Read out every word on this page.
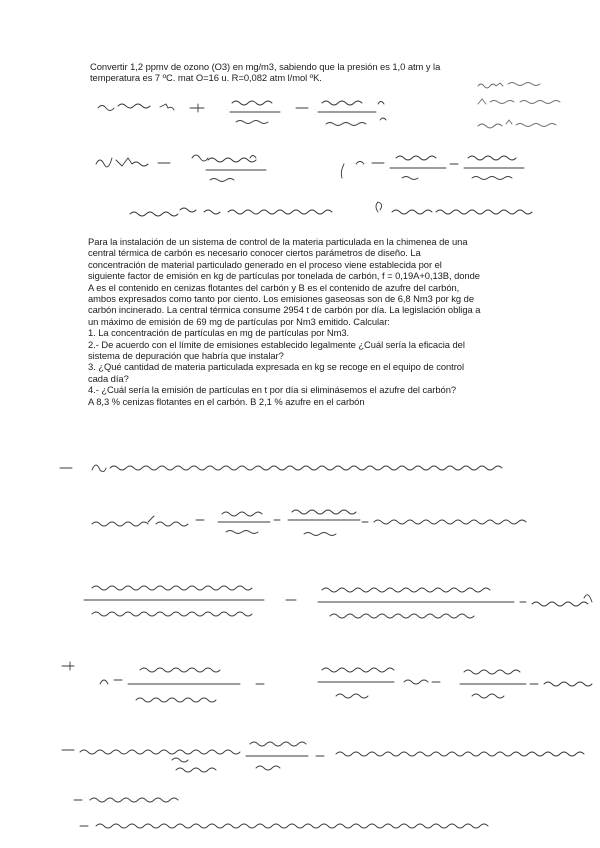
Convertir 1,2 ppmv de ozono (O3) en mg/m3, sabiendo que la presión es 1,0 atm y la

temperatura es 7 ºC. mat O=16 u. R=0,082 atm l/mol ºK.

Para la instalación de un sistema de control de la materia particulada en la chimenea de una

central térmica de carbón es necesario conocer ciertos parámetros de diseño. La

concentración de material particulado generado en el proceso viene establecida por el

siguiente factor de emisión en kg de partículas por tonelada de carbón, f = 0,19A+0,13B, donde

A es el contenido en cenizas flotantes del carbón y B es el contenido de azufre del carbón,

ambos expresados como tanto por ciento. Los emisiones gaseosas son de 6,8 Nm3 por kg de

carbón incinerado. La central térmica consume 2954 t de carbón por día. La legislación obliga a

un máximo de emisión de 69 mg de partículas por Nm3 emitido. Calcular:

1. La concentración de partículas en mg de partículas por Nm3.

2.- De acuerdo con el límite de emisiones establecido legalmente ¿Cuál sería la eficacia del

sistema de depuración que habría que instalar?

3. ¿Qué cantidad de materia particulada expresada en kg se recoge en el equipo de control

cada día?

4.- ¿Cuál sería la emisión de partículas en t por día si eliminásemos el azufre del carbón?

A 8,3 % cenizas flotantes en el carbón. B 2,1 % azufre en el carbón
